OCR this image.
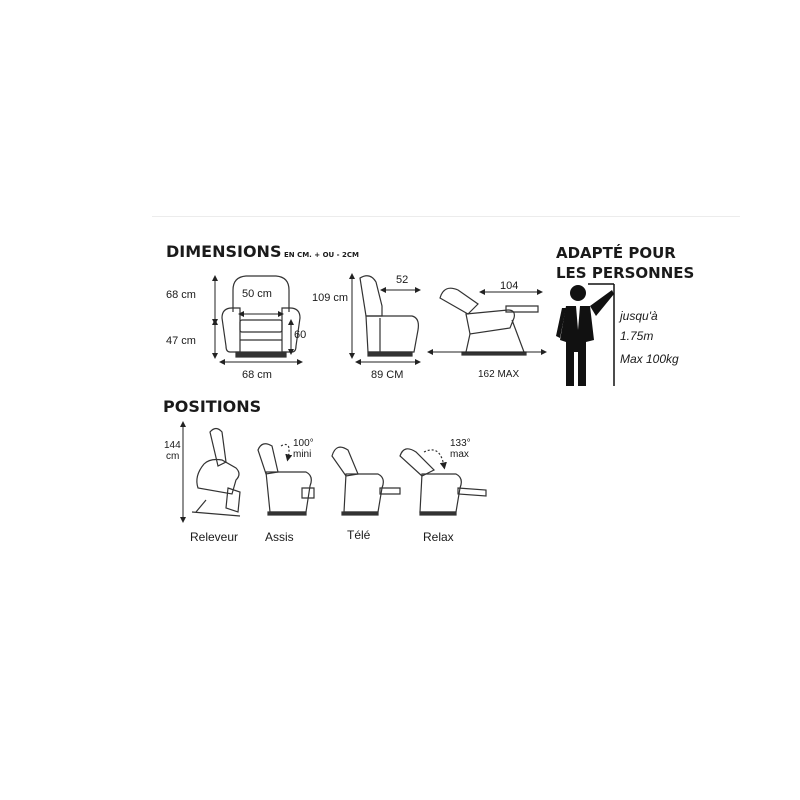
DIMENSIONS EN CM. + OU - 2CM
68 cm	50 cm
47 cm	60
68 cm
109 cm
52
89 CM
104
162 MAX
ADAPTÉ POUR
LES PERSONNES
jusqu'à
1.75m
Max 100kg
POSITIONS
144
cm
100°
mini
133°
max
Releveur Assis	Télé	Relax
